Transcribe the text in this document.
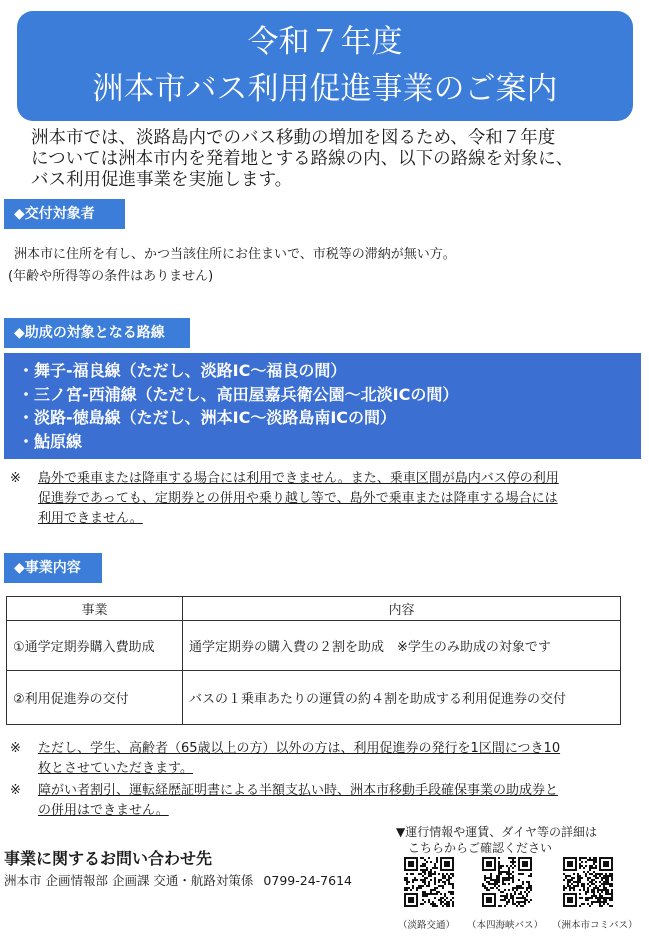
令和７年度
洲本市バス利用促進事業のご案内
洲本市では、淡路島内でのバス移動の増加を図るため、令和７年度
については洲本市内を発着地とする路線の内、以下の路線を対象に、
バス利用促進事業を実施します。
◆交付対象者
洲本市に住所を有し、かつ当該住所にお住まいで、市税等の滞納が無い方。
(年齢や所得等の条件はありません)
◆助成の対象となる路線
・舞子-福良線（ただし、淡路IC～福良の間）
・三ノ宮-西浦線（ただし、高田屋嘉兵衛公園～北淡ICの間）
・淡路-徳島線（ただし、洲本IC～淡路島南ICの間）
・鮎原線
※ 島外で乗車または降車する場合には利用できません。また、乗車区間が島内バス停の利用
促進券であっても、定期券との併用や乗り越し等で、島外で乗車または降車する場合には
利用できません。
◆事業内容
事業	内容
①通学定期券購入費助成	通学定期券の購入費の２割を助成　※学生のみ助成の対象です
②利用促進券の交付	バスの１乗車あたりの運賃の約４割を助成する利用促進券の交付
※ ただし、学生、高齢者（65歳以上の方）以外の方は、利用促進券の発行を1区間につき10
枚とさせていただきます。
※ 障がい者割引、運転経歴証明書による半額支払い時、洲本市移動手段確保事業の助成券と
の併用はできません。
事業に関するお問い合わせ先
洲本市 企画情報部 企画課 交通・航路対策係 0799-24-7614
▼運行情報や運賃、ダイヤ等の詳細は
　こちらからご確認ください
（淡路交通） （本四海峡バス） （洲本市コミバス）
